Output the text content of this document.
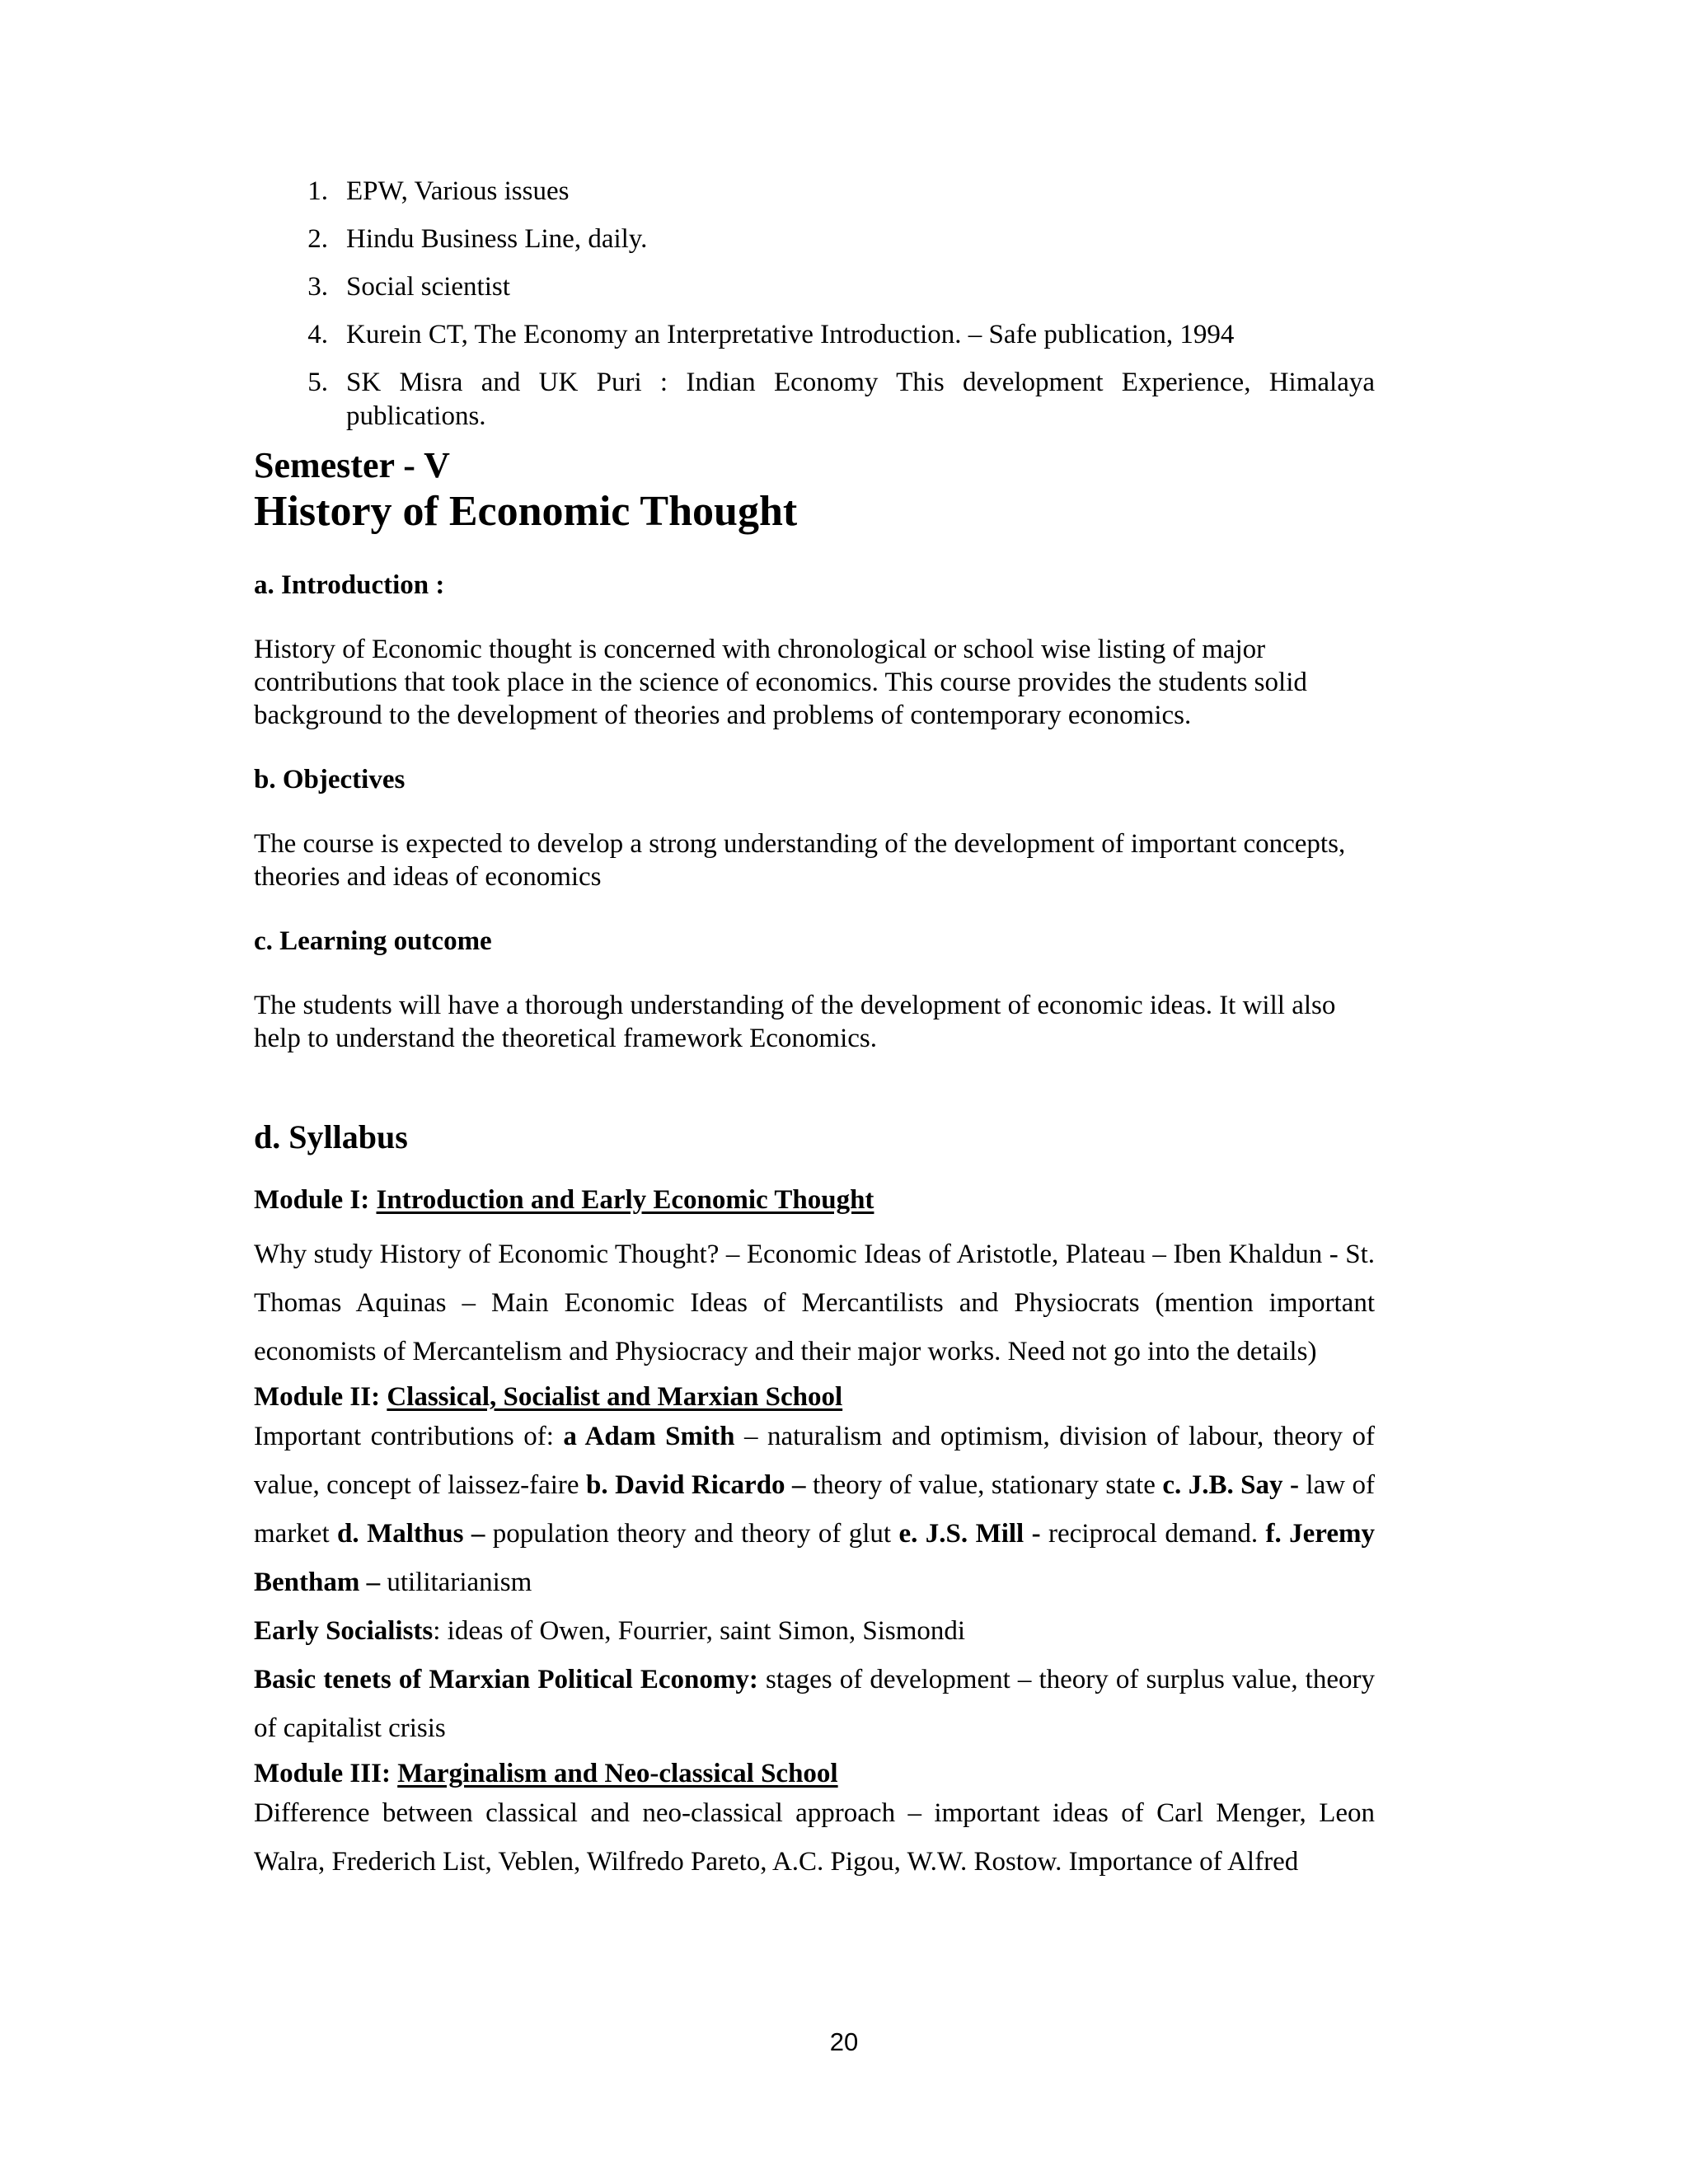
1. EPW, Various issues
2. Hindu Business Line, daily.
3. Social scientist
4. Kurein CT, The Economy an Interpretative Introduction. – Safe publication, 1994
5. SK Misra and UK Puri : Indian Economy This development Experience, Himalaya publications.
Semester - V
History of Economic Thought
a. Introduction :
History of Economic thought is concerned with chronological or school wise listing of major contributions that took place in the science of economics. This course provides the students solid background to the development of theories and problems of contemporary economics.
b. Objectives
The course is expected to develop a strong understanding of the development of important concepts, theories and ideas of economics
c. Learning outcome
The students will have a thorough understanding of the development of economic ideas. It will also help to understand the theoretical framework Economics.
d. Syllabus
Module I: Introduction and Early Economic Thought
Why study History of Economic Thought? – Economic Ideas of Aristotle, Plateau – Iben Khaldun - St. Thomas Aquinas – Main Economic Ideas of Mercantilists and Physiocrats (mention important economists of Mercantelism and Physiocracy and their major works. Need not go into the details)
Module II: Classical, Socialist and Marxian School
Important contributions of: a Adam Smith – naturalism and optimism, division of labour, theory of value, concept of laissez-faire b. David Ricardo – theory of value, stationary state c. J.B. Say - law of market d. Malthus – population theory and theory of glut e. J.S. Mill - reciprocal demand. f. Jeremy Bentham – utilitarianism
Early Socialists: ideas of Owen, Fourrier, saint Simon, Sismondi
Basic tenets of Marxian Political Economy: stages of development – theory of surplus value, theory of capitalist crisis
Module III: Marginalism and Neo-classical School
Difference between classical and neo-classical approach – important ideas of Carl Menger, Leon Walra, Frederich List, Veblen, Wilfredo Pareto, A.C. Pigou, W.W. Rostow. Importance of Alfred
20
